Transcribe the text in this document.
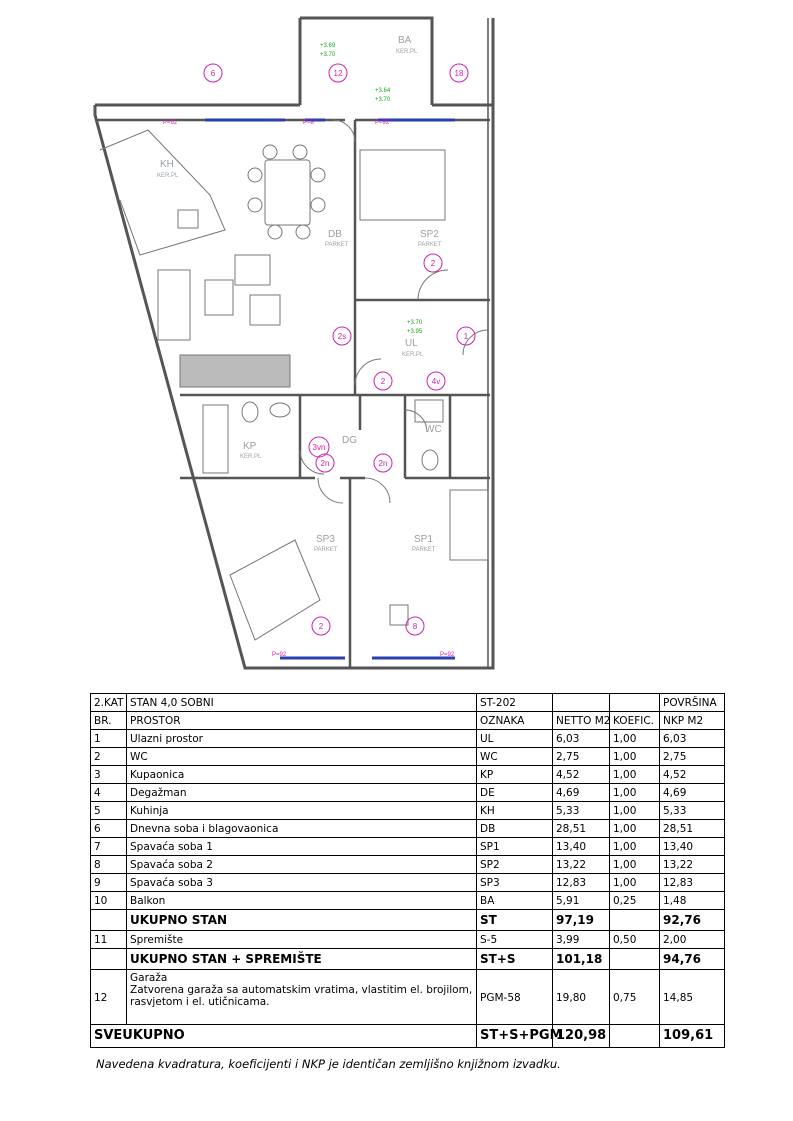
KH
KER.PL
DB
PARKET
SP2
PARKET
UL
KER.PL
KP
KER.PL
DG
SP3
PARKET
SP1
PARKET
BA
KER.PL
WC
6	12	18
2
2s	1
2	4v
3vn
2n	2n
2	8
P=92	P=8	P=92
P=92	P=92
+3.69
+3.70
+3.64
+3.70
+3.70
+3.95
2.KAT	STAN 4,0 SOBNI	ST-202			POVRŠINA
BR.	PROSTOR	OZNAKA	NETTO M2	KOEFIC.	NKP M2
1	Ulazni prostor	UL	6,03	1,00	6,03
2	WC	WC	2,75	1,00	2,75
3	Kupaonica	KP	4,52	1,00	4,52
4	Degažman	DE	4,69	1,00	4,69
5	Kuhinja	KH	5,33	1,00	5,33
6	Dnevna soba i blagovaonica	DB	28,51	1,00	28,51
7	Spavaća soba 1	SP1	13,40	1,00	13,40
8	Spavaća soba 2	SP2	13,22	1,00	13,22
9	Spavaća soba 3	SP3	12,83	1,00	12,83
10	Balkon	BA	5,91	0,25	1,48
	UKUPNO STAN	ST	97,19		92,76
11	Spremište	S-5	3,99	0,50	2,00
	UKUPNO STAN + SPREMIŠTE	ST+S	101,18		94,76
12	Garaža
Zatvorena garaža sa automatskim vratima, vlastitim el. brojilom, rasvjetom i el. utičnicama.	PGM-58	19,80	0,75	14,85
SVEUKUPNO		ST+S+PGM	120,98		109,61
Navedena kvadratura, koeficijenti i NKP je identičan zemljišno knjižnom izvadku.
